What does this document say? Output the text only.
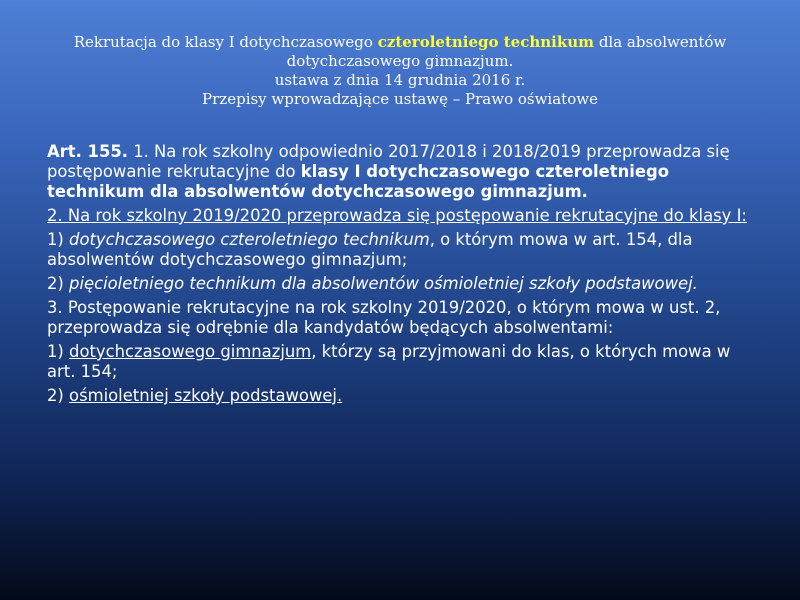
Rekrutacja do klasy I dotychczasowego czteroletniego technikum dla absolwentów
dotychczasowego gimnazjum.
ustawa z dnia 14 grudnia 2016 r.
Przepisy wprowadzające ustawę – Prawo oświatowe

Art. 155. 1. Na rok szkolny odpowiednio 2017/2018 i 2018/2019 przeprowadza się postępowanie rekrutacyjne do klasy I dotychczasowego czteroletniego technikum dla absolwentów dotychczasowego gimnazjum.

2. Na rok szkolny 2019/2020 przeprowadza się postępowanie rekrutacyjne do klasy I:

1) dotychczasowego czteroletniego technikum, o którym mowa w art. 154, dla absolwentów dotychczasowego gimnazjum;

2) pięcioletniego technikum dla absolwentów ośmioletniej szkoły podstawowej.

3. Postępowanie rekrutacyjne na rok szkolny 2019/2020, o którym mowa w ust. 2, przeprowadza się odrębnie dla kandydatów będących absolwentami:

1) dotychczasowego gimnazjum, którzy są przyjmowani do klas, o których mowa w art. 154;

2) ośmioletniej szkoły podstawowej.
